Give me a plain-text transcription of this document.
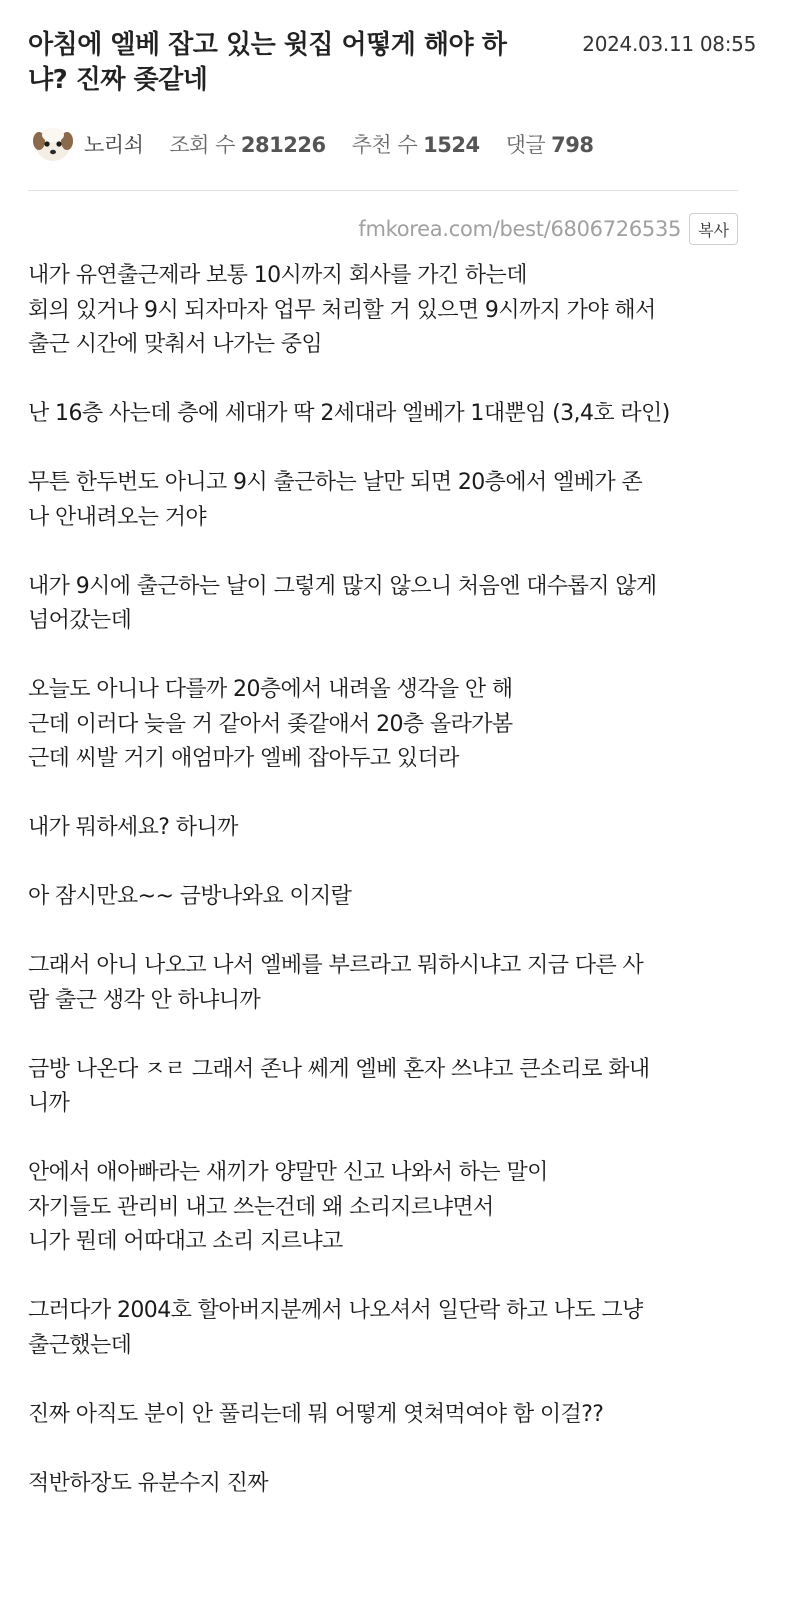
아침에 엘베 잡고 있는 윗집 어떻게 해야 하냐? 진짜 좆같네
2024.03.11 08:55
노리쇠 조회 수 281226 추천 수 1524 댓글 798
fmkorea.com/best/6806726535	복사

내가 유연출근제라 보통 10시까지 회사를 가긴 하는데
회의 있거나 9시 되자마자 업무 처리할 거 있으면 9시까지 가야 해서
출근 시간에 맞춰서 나가는 중임

난 16층 사는데 층에 세대가 딱 2세대라 엘베가 1대뿐임 (3,4호 라인)

무튼 한두번도 아니고 9시 출근하는 날만 되면 20층에서 엘베가 존
나 안내려오는 거야

내가 9시에 출근하는 날이 그렇게 많지 않으니 처음엔 대수롭지 않게
넘어갔는데

오늘도 아니나 다를까 20층에서 내려올 생각을 안 해
근데 이러다 늦을 거 같아서 좆같애서 20층 올라가봄
근데 씨발 거기 애엄마가 엘베 잡아두고 있더라

내가 뭐하세요? 하니까

아 잠시만요~~ 금방나와요 이지랄

그래서 아니 나오고 나서 엘베를 부르라고 뭐하시냐고 지금 다른 사
람 출근 생각 안 하냐니까

금방 나온다 ㅈㄹ 그래서 존나 쎄게 엘베 혼자 쓰냐고 큰소리로 화내
니까

안에서 애아빠라는 새끼가 양말만 신고 나와서 하는 말이
자기들도 관리비 내고 쓰는건데 왜 소리지르냐면서
니가 뭔데 어따대고 소리 지르냐고

그러다가 2004호 할아버지분께서 나오셔서 일단락 하고 나도 그냥
출근했는데

진짜 아직도 분이 안 풀리는데 뭐 어떻게 엿쳐먹여야 함 이걸??

적반하장도 유분수지 진짜
